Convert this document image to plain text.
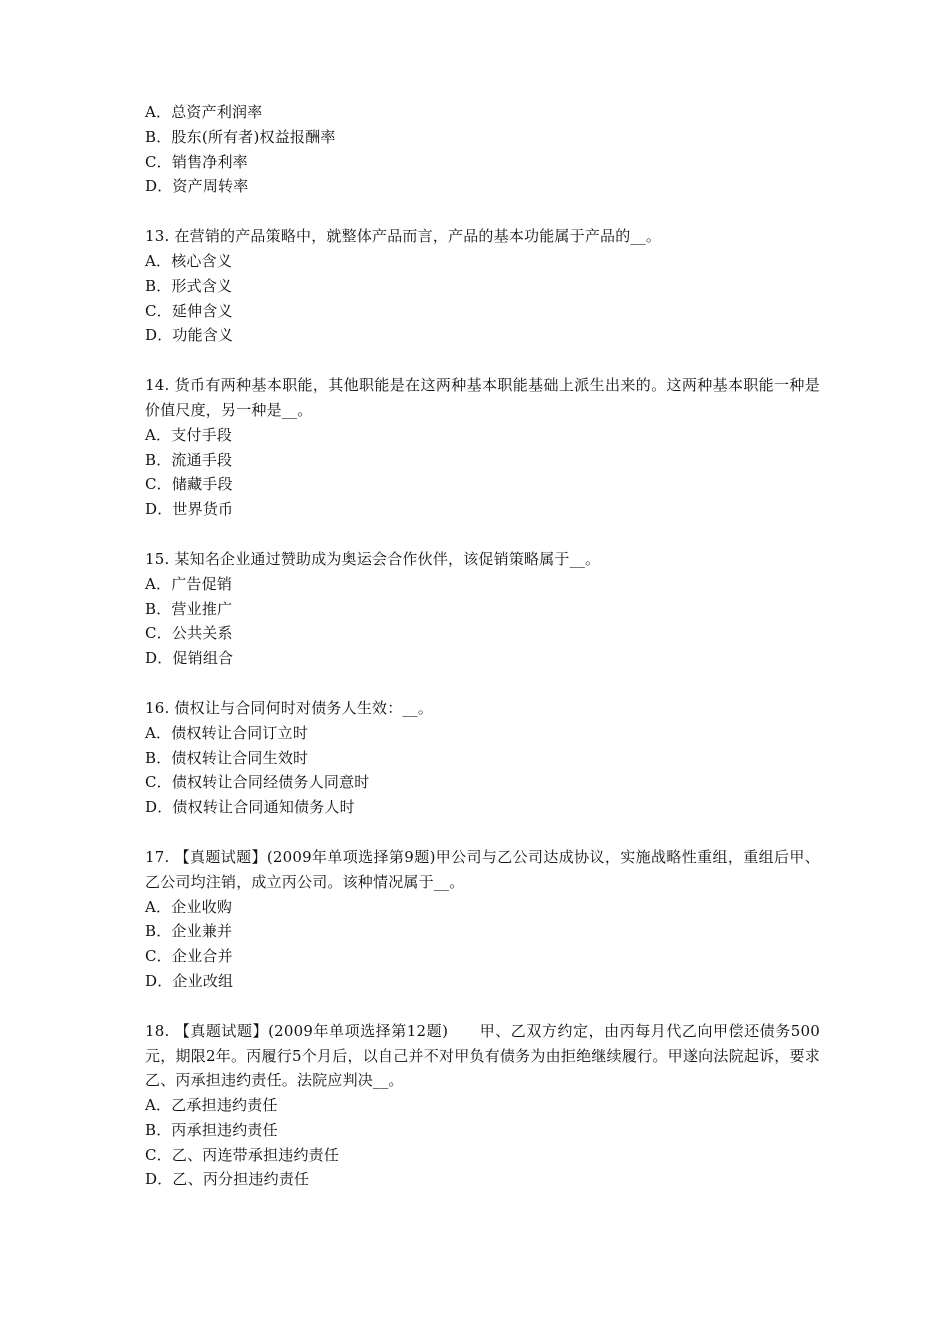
A．总资产利润率
B．股东(所有者)权益报酬率
C．销售净利率
D．资产周转率
13. 在营销的产品策略中，就整体产品而言，产品的基本功能属于产品的__。
A．核心含义
B．形式含义
C．延伸含义
D．功能含义
14. 货币有两种基本职能，其他职能是在这两种基本职能基础上派生出来的。这两种基本职能一种是价值尺度，另一种是__。
A．支付手段
B．流通手段
C．储藏手段
D．世界货币
15. 某知名企业通过赞助成为奥运会合作伙伴，该促销策略属于__。
A．广告促销
B．营业推广
C．公共关系
D．促销组合
16. 债权让与合同何时对债务人生效：__。
A．债权转让合同订立时
B．债权转让合同生效时
C．债权转让合同经债务人同意时
D．债权转让合同通知债务人时
17. 【真题试题】(2009年单项选择第9题)甲公司与乙公司达成协议，实施战略性重组，重组后甲、乙公司均注销，成立丙公司。该种情况属于__。
A．企业收购
B．企业兼并
C．企业合并
D．企业改组
18. 【真题试题】(2009年单项选择第12题)　　甲、乙双方约定，由丙每月代乙向甲偿还债务500元，期限2年。丙履行5个月后，以自己并不对甲负有债务为由拒绝继续履行。甲遂向法院起诉，要求乙、丙承担违约责任。法院应判决__。
A．乙承担违约责任
B．丙承担违约责任
C．乙、丙连带承担违约责任
D．乙、丙分担违约责任
